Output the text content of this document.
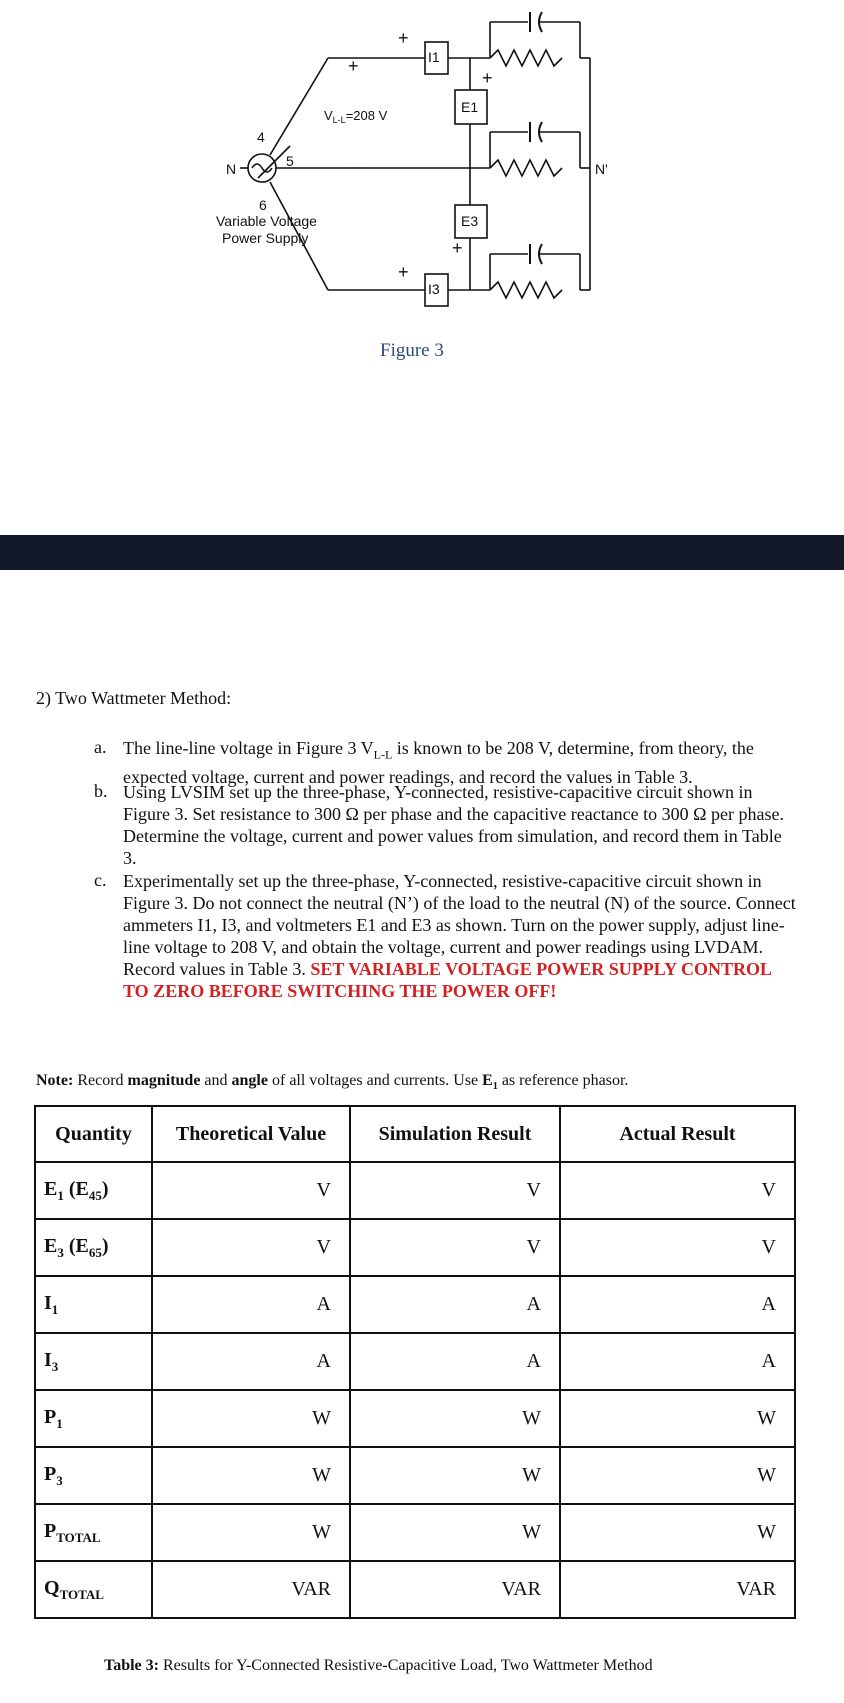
I1
E1
E3
I3
+
+
+
+
+
—
$V_{L-L}=208$ V
N	N'
4
5
6
Variable Voltage
Power Supply
Figure 3
2) Two Wattmeter Method:
a. The line-line voltage in Figure 3 $V_{L-L}$ is known to be 208 V, determine, from theory, the expected voltage, current and power readings, and record the values in Table 3.
b. Using LVSIM set up the three-phase, Y-connected, resistive-capacitive circuit shown in Figure 3. Set resistance to 300 Ω per phase and the capacitive reactance to 300 Ω per phase. Determine the voltage, current and power values from simulation, and record them in Table 3.
c. Experimentally set up the three-phase, Y-connected, resistive-capacitive circuit shown in Figure 3. Do not connect the neutral (N’) of the load to the neutral (N) of the source. Connect ammeters I1, I3, and voltmeters E1 and E3 as shown. Turn on the power supply, adjust line-line voltage to 208 V, and obtain the voltage, current and power readings using LVDAM. Record values in Table 3. SET VARIABLE VOLTAGE POWER SUPPLY CONTROL TO ZERO BEFORE SWITCHING THE POWER OFF!
Note: Record magnitude and angle of all voltages and currents. Use $E_1$ as reference phasor.
Quantity	Theoretical Value	Simulation Result	Actual Result
$E_1$ $(E_{45})$	V	V	V
$E_3$ $(E_{65})$	V	V	V
$I_1$	A	A	A
$I_3$	A	A	A
$P_1$	W	W	W
$P_3$	W	W	W
$P_{TOTAL}$	W	W	W
$Q_{TOTAL}$	VAR	VAR	VAR
Table 3: Results for Y-Connected Resistive-Capacitive Load, Two Wattmeter Method
